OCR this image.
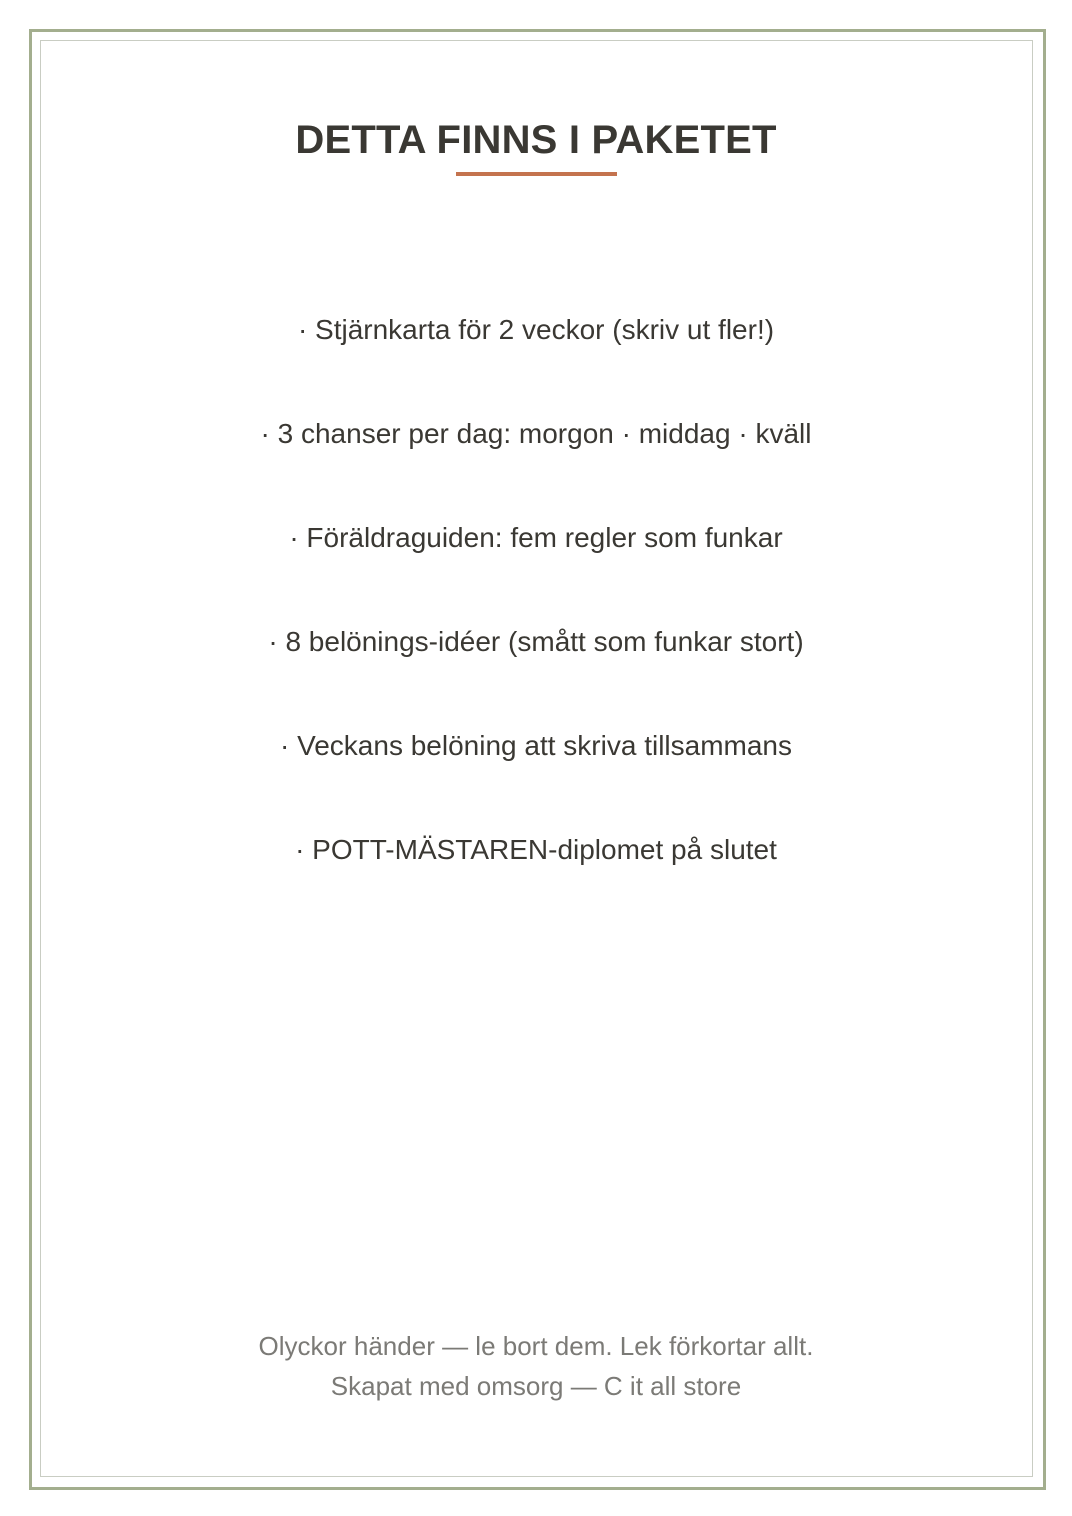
DETTA FINNS I PAKETET
· Stjärnkarta för 2 veckor (skriv ut fler!)
· 3 chanser per dag: morgon · middag · kväll
· Föräldraguiden: fem regler som funkar
· 8 belönings-idéer (smått som funkar stort)
· Veckans belöning att skriva tillsammans
· POTT-MÄSTAREN-diplomet på slutet
Olyckor händer — le bort dem. Lek förkortar allt.
Skapat med omsorg — C it all store
